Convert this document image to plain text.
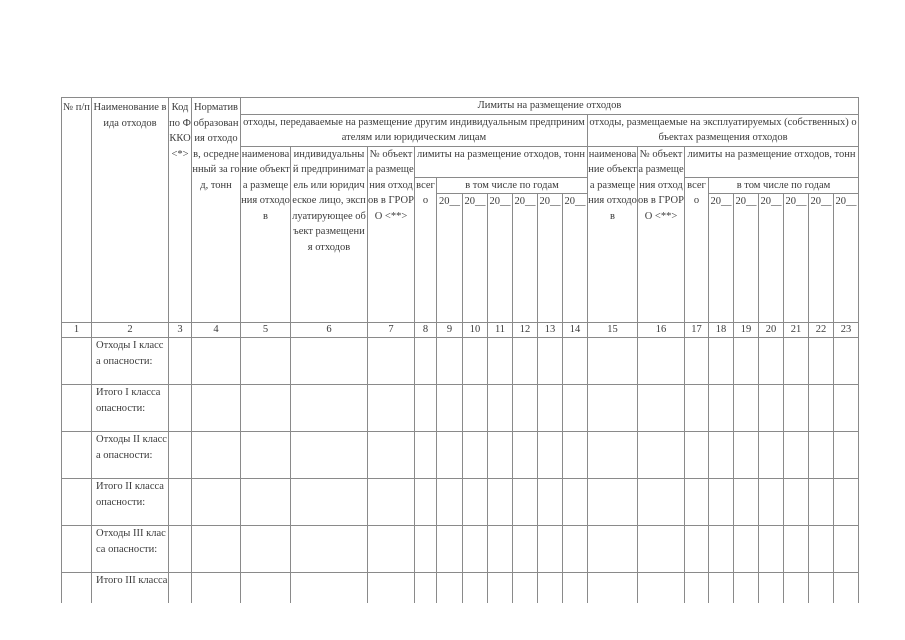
№ п/п	Наименование вида отходов	Код по ФККО <*>	Норматив образования отходов, осредненный за год, тонн	Лимиты на размещение отходов																		
				отходы, передаваемые на размещение другим индивидуальным предпринимателям или юридическим лицам										отходы, размещаемые на эксплуатируемых (собственных) объектах размещения отходов								
				наименование объекта размещения отходов	индивидуальный предприниматель или юридическое лицо, эксплуатирующее объект размещения отходов	№ объекта размещения отходов в ГРОРО <**>	лимиты на размещение отходов, тонн							наименование объекта размещения отходов	№ объекта размещения отходов в ГРОРО <**>	лимиты на размещение отходов, тонн						
							всего	в том числе по годам								всего	в том числе по годам					
								20__	20__	20__	20__	20__	20__				20__	20__	20__	20__	20__	20__
1	2	3	4	5	6	7	8	9	10	11	12	13	14	15	16	17	18	19	20	21	22	23
	Отходы I класса опасности:																					
	Итого I класса опасности:																					
	Отходы II класса опасности:																					
	Итого II класса опасности:																					
	Отходы III класса опасности:																					
	Итого III класса																					
